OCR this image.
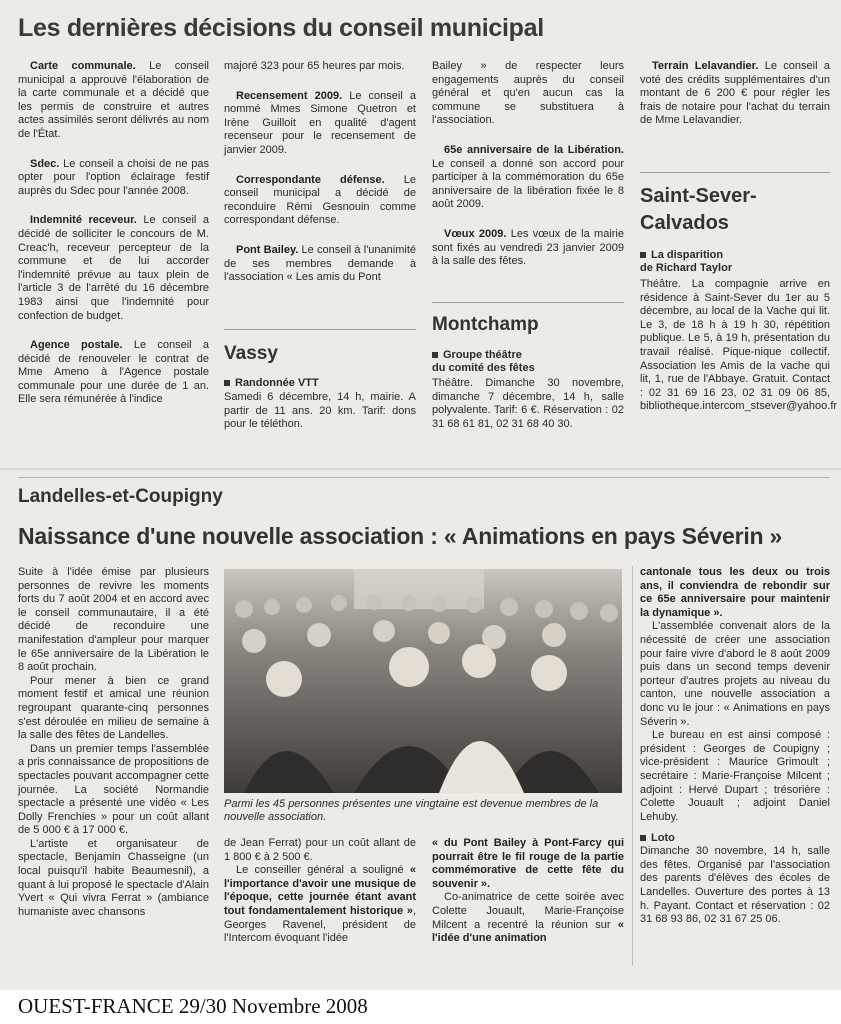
Les dernières décisions du conseil municipal

Carte communale. Le conseil municipal a approuvé l'élaboration de la carte communale et a décidé que les permis de construire et autres actes assimilés seront délivrés au nom de l'État.

Sdec. Le conseil a choisi de ne pas opter pour l'option éclairage festif auprès du Sdec pour l'année 2008.

Indemnité receveur. Le conseil a décidé de solliciter le concours de M. Creac'h, receveur percepteur de la commune et de lui accorder l'indemnité prévue au taux plein de l'article 3 de l'arrêté du 16 décembre 1983 ainsi que l'indemnité pour confection de budget.

Agence postale. Le conseil a décidé de renouveler le contrat de Mme Ameno à l'Agence postale communale pour une durée de 1 an. Elle sera rémunérée à l'indice

majoré 323 pour 65 heures par mois.

Recensement 2009. Le conseil a nommé Mmes Simone Quetron et Irène Guilloit en qualité d'agent recenseur pour le recensement de janvier 2009.

Correspondante défense. Le conseil municipal a décidé de reconduire Rémi Gesnouin comme correspondant défense.

Pont Bailey. Le conseil à l'unanimité de ses membres demande à l'association « Les amis du Pont

Vassy
Randonnée VTT

Samedi 6 décembre, 14 h, mairie. A partir de 11 ans. 20 km. Tarif: dons pour le téléthon.

Bailey » de respecter leurs engagements auprès du conseil général et qu'en aucun cas la commune se substituera à l'association.

65e anniversaire de la Libération. Le conseil a donné son accord pour participer à la commémoration du 65e anniversaire de la libération fixée le 8 août 2009.

Vœux 2009. Les vœux de la mairie sont fixés au vendredi 23 janvier 2009 à la salle des fêtes.

Montchamp
Groupe théâtre
du comité des fêtes

Théâtre. Dimanche 30 novembre, dimanche 7 décembre, 14 h, salle polyvalente. Tarif: 6 €. Réservation : 02 31 68 61 81, 02 31 68 40 30.

Terrain Lelavandier. Le conseil a voté des crédits supplémentaires d'un montant de 6 200 € pour régler les frais de notaire pour l'achat du terrain de Mme Lelavandier.

Saint-Sever-
Calvados
La disparition
de Richard Taylor

Théâtre. La compagnie arrive en résidence à Saint-Sever du 1er au 5 décembre, au local de la Vache qui lit. Le 3, de 18 h à 19 h 30, répétition publique. Le 5, à 19 h, présentation du travail réalisé. Pique-nique collectif. Association les Amis de la vache qui lit, 1, rue de l'Abbaye. Gratuit. Contact : 02 31 69 16 23, 02 31 09 06 85, bibliotheque.intercom_stsever@yahoo.fr

Landelles-et-Coupigny
Naissance d'une nouvelle association : « Animations en pays Séverin »

Suite à l'idée émise par plusieurs personnes de revivre les moments forts du 7 août 2004 et en accord avec le conseil communautaire, il a été décidé de reconduire une manifestation d'ampleur pour marquer le 65e anniversaire de la Libération le 8 août prochain.

Pour mener à bien ce grand moment festif et amical une réunion regroupant quarante-cinq personnes s'est déroulée en milieu de semaine à la salle des fêtes de Landelles.

Dans un premier temps l'assemblée a pris connaissance de propositions de spectacles pouvant accompagner cette journée. La société Normandie spectacle a présenté une vidéo « Les Dolly Frenchies » pour un coût allant de 5 000 € à 17 000 €.

L'artiste et organisateur de spectacle, Benjamin Chasseigne (un local puisqu'il habite Beaumesnil), a quant à lui proposé le spectacle d'Alain Yvert « Qui vivra Ferrat » (ambiance humaniste avec chansons

Parmi les 45 personnes présentes une vingtaine est devenue membres de la nouvelle association.

de Jean Ferrat) pour un coût allant de 1 800 € à 2 500 €.

Le conseiller général a souligné « l'importance d'avoir une musique de l'époque, cette journée étant avant tout fondamentalement historique », Georges Ravenel, président de l'Intercom évoquant l'idée

« du Pont Bailey à Pont-Farcy qui pourrait être le fil rouge de la partie commémorative de cette fête du souvenir ».

Co-animatrice de cette soirée avec Colette Jouault, Marie-Françoise Milcent a recentré la réunion sur « l'idée d'une animation

cantonale tous les deux ou trois ans, il conviendra de rebondir sur ce 65e anniversaire pour maintenir la dynamique ».

L'assemblée convenait alors de la nécessité de créer une association pour faire vivre d'abord le 8 août 2009 puis dans un second temps devenir porteur d'autres projets au niveau du canton, une nouvelle association a donc vu le jour : « Animations en pays Séverin ».

Le bureau en est ainsi composé : président : Georges de Coupigny ; vice-président : Maurice Grimoult ; secrétaire : Marie-Françoise Milcent ; adjoint : Hervé Dupart ; trésorière : Colette Jouault ; adjoint Daniel Lehuby.

Loto

Dimanche 30 novembre, 14 h, salle des fêtes. Organisé par l'association des parents d'élèves des écoles de Landelles. Ouverture des portes à 13 h. Payant. Contact et réservation : 02 31 68 93 86, 02 31 67 25 06.

OUEST-FRANCE 29/30 Novembre 2008
